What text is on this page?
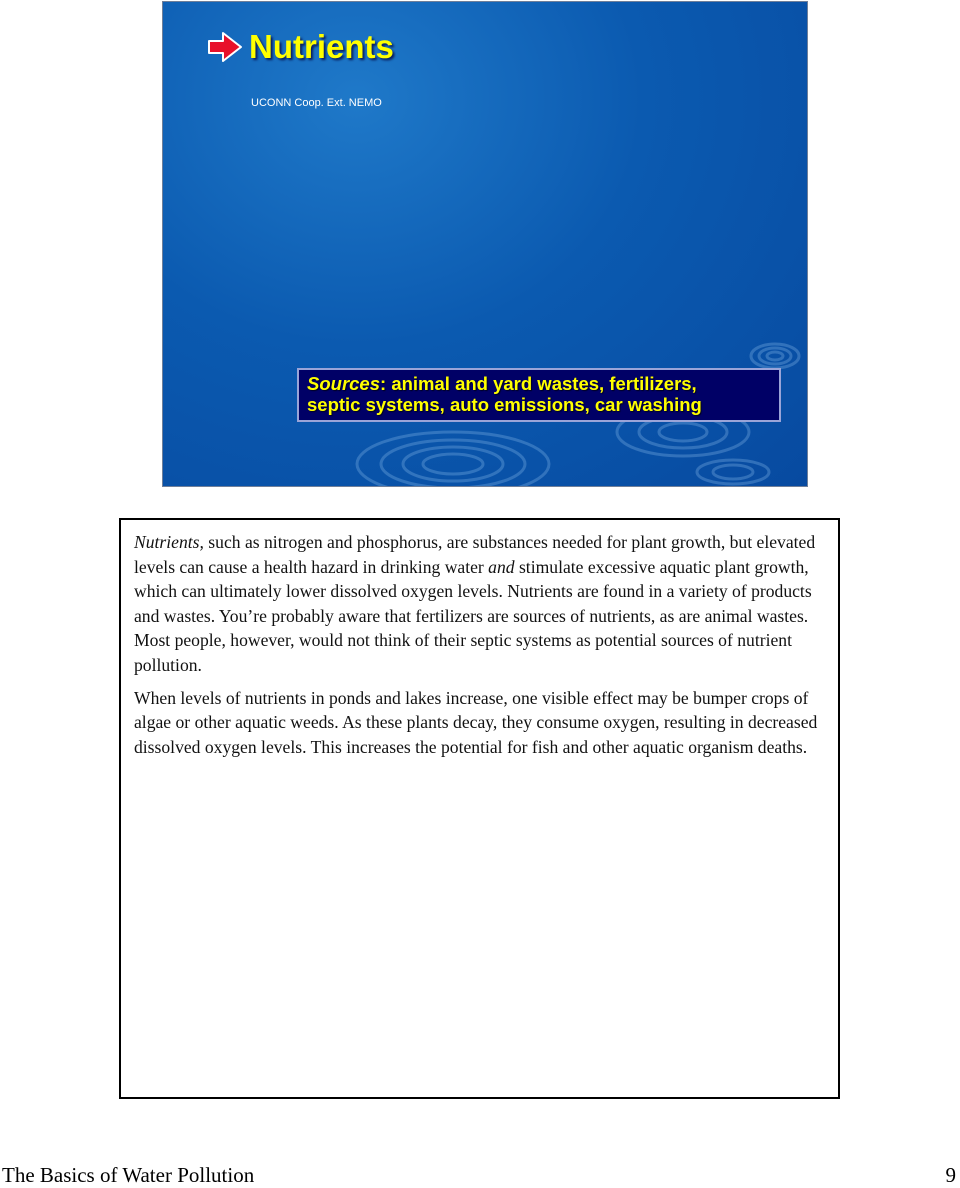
Nutrients
UCONN Coop. Ext. NEMO
Sources: animal and yard wastes, fertilizers,
septic systems, auto emissions, car washing

Nutrients, such as nitrogen and phosphorus, are substances needed for plant growth, but elevated levels can cause a health hazard in drinking water and stimulate excessive aquatic plant growth, which can ultimately lower dissolved oxygen levels. Nutrients are found in a variety of products and wastes. You’re probably aware that fertilizers are sources of nutrients, as are animal wastes. Most people, however, would not think of their septic systems as potential sources of nutrient pollution.

When levels of nutrients in ponds and lakes increase, one visible effect may be bumper crops of algae or other aquatic weeds. As these plants decay, they consume oxygen, resulting in decreased dissolved oxygen levels. This increases the potential for fish and other aquatic organism deaths.

The Basics of Water Pollution	9
